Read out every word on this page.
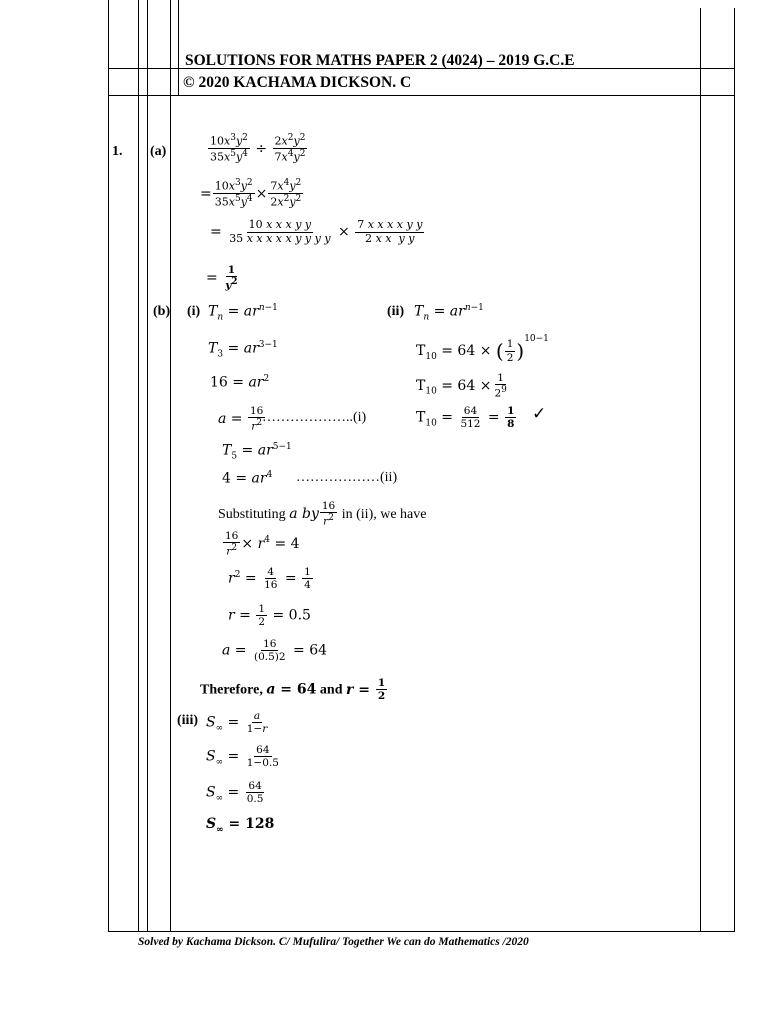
SOLUTIONS FOR MATHS PAPER 2 (4024) – 2019 G.C.E
© 2020 KACHAMA DICKSON. C
1. (a)	$\frac{10x^3y^2}{35x^5y^4} \div \frac{2x^2y^2}{7x^4y^2}$
= $\frac{10x^3y^2}{35x^5y^4} \times \frac{7x^4y^2}{2x^2y^2}$
= $\frac{\text{10 x x x y y}}{\text{35 x x x x x y y y y}} \times \frac{\text{7 x x x x y y}}{\text{2 x x  y y}}$
= $\frac{1}{y^2}$
(b) (i) $T_n = ar^{n-1}$
$T_3 = ar^{3-1}$
$16 = ar^2$
$a = \frac{16}{r^2}$
………………..(i)
$T_5 = ar^{5-1}$
$4 = ar^4$ ………………(ii)
Substituting a by $\frac{16}{r^2}$ in (ii), we have
$\frac{16}{r^2} \times r^4 = 4$
$r^2 = \frac{4}{16} = \frac{1}{4}$
$r = \frac{1}{2} = 0.5$
$a = \frac{16}{(0.5)2} = 64$
Therefore, a = 64 and $r = \frac{1}{2}$
(ii) $T_n = ar^{n-1}$
$T_{10} = 64$ × ( $\frac{1}{2} )^{10-1}$
$T_{10} = 64 \times \frac{1}{2^9}$
$T_{10} = \frac{64}{512} = \frac{1}{8}$ ✓
(iii) $S_\infty = \frac{a}{1-r}$
$S_\infty = \frac{64}{1-0.5}$
$S_\infty = \frac{64}{0.5}$
$S_\infty = 128$
Solved by Kachama Dickson. C/ Mufulira/ Together We can do Mathematics /2020
